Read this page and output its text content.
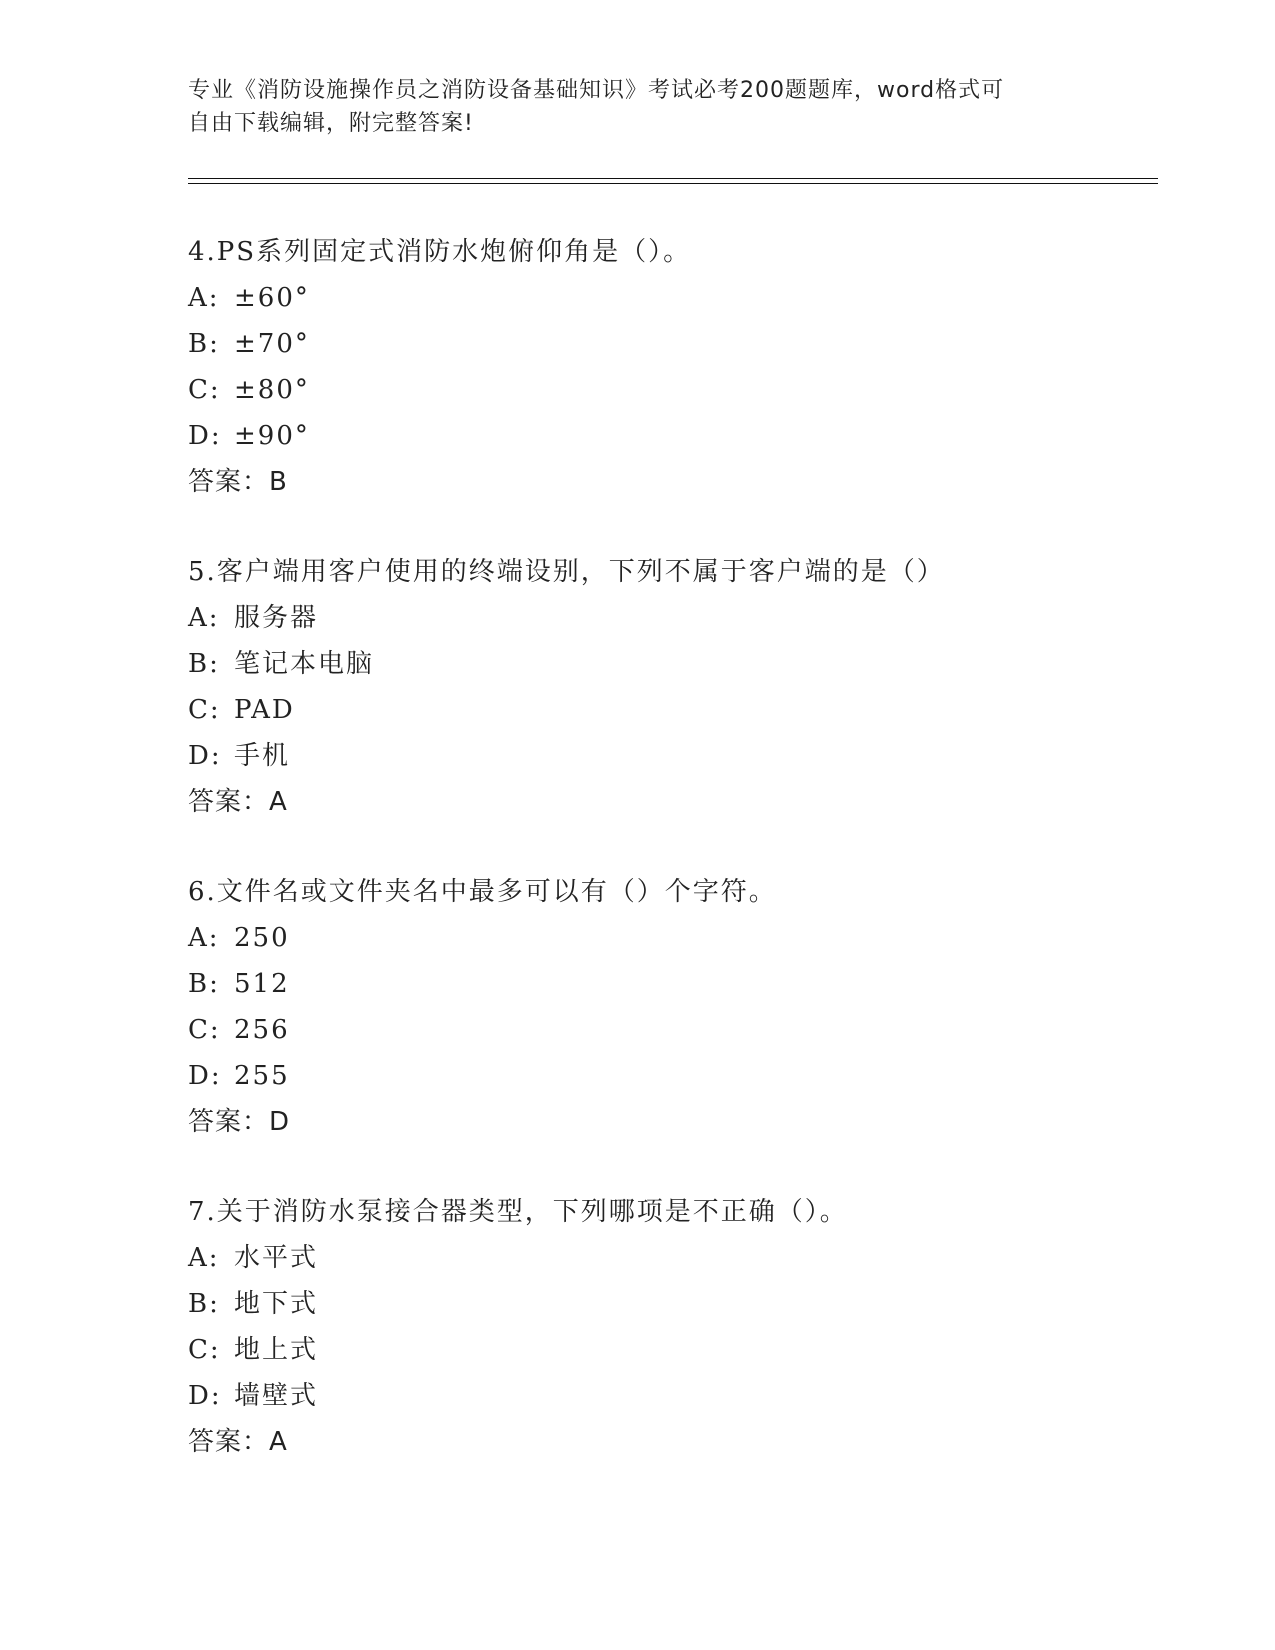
专业《消防设施操作员之消防设备基础知识》考试必考200题题库，word格式可
自由下载编辑，附完整答案!
4.PS系列固定式消防水炮俯仰角是（）。
A: ±60°
B: ±70°
C: ±80°
D: ±90°
答案：B
5.客户端用客户使用的终端设别，下列不属于客户端的是（）
A: 服务器
B: 笔记本电脑
C: PAD
D: 手机
答案：A
6.文件名或文件夹名中最多可以有（）个字符。
A: 250
B: 512
C: 256
D: 255
答案：D
7.关于消防水泵接合器类型，下列哪项是不正确（）。
A: 水平式
B: 地下式
C: 地上式
D: 墙壁式
答案：A
